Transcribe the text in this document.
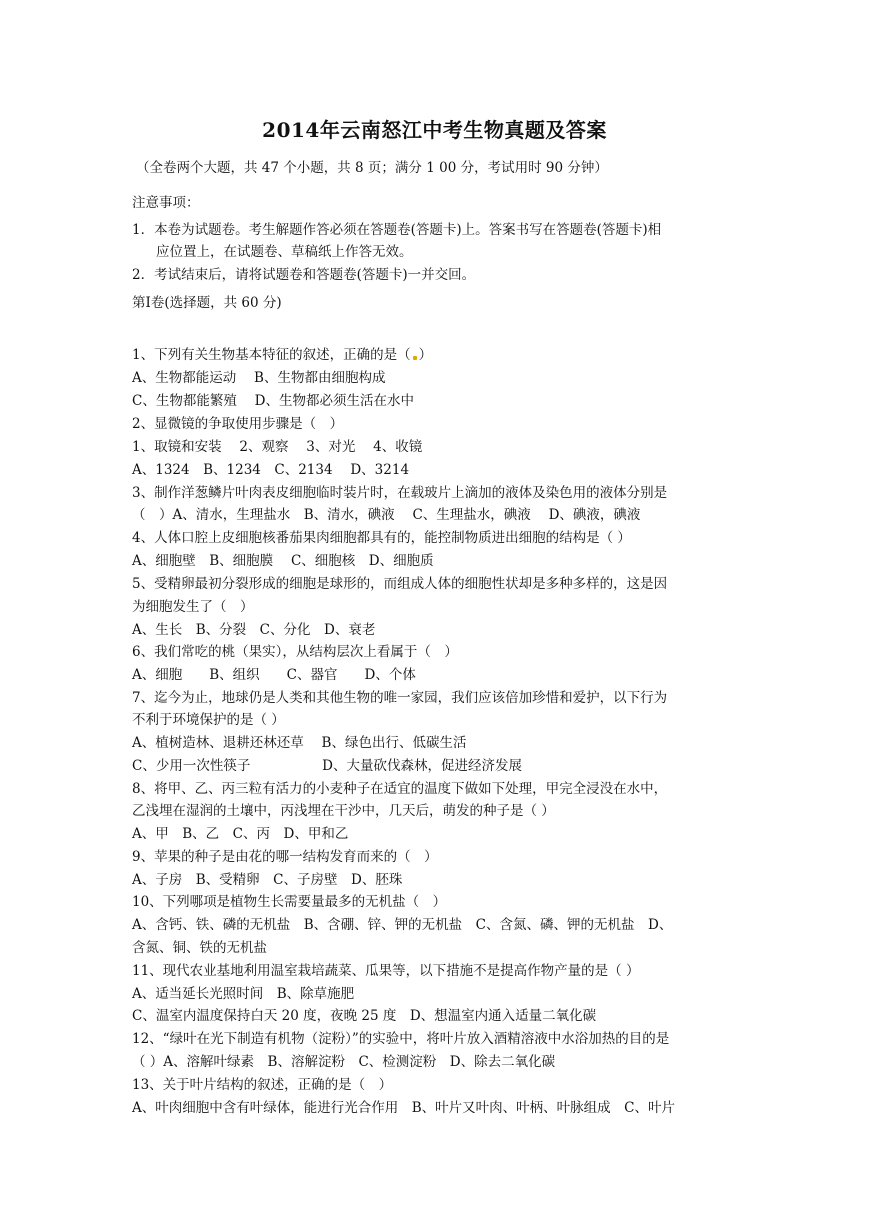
2014年云南怒江中考生物真题及答案
（全卷两个大题，共 47 个小题，共 8 页；满分 1 00 分，考试用时 90 分钟）
注意事项：
1．本卷为试题卷。考生解题作答必须在答题卷(答题卡)上。答案书写在答题卷(答题卡)相
应位置上，在试题卷、草稿纸上作答无效。
2．考试结束后，请将试题卷和答题卷(答题卡)一并交回。
第Ⅰ卷(选择题，共 60 分)
1、下列有关生物基本特征的叙述，正确的是（ ）
A、生物都能运动　 B、生物都由细胞构成
C、生物都能繁殖　 D、生物都必须生活在水中
2、显微镜的争取使用步骤是（　）
1、取镜和安装　 2、观察　 3、对光　 4、收镜
A、1324　B、1234　C、2134　 D、3214
3、制作洋葱鳞片叶肉表皮细胞临时装片时，在载玻片上滴加的液体及染色用的液体分别是
（　）A、清水，生理盐水　B、清水，碘液　 C、生理盐水，碘液　 D、碘液，碘液
4、人体口腔上皮细胞核番茄果肉细胞都具有的，能控制物质进出细胞的结构是（ ）
A、细胞壁　B、细胞膜　 C、细胞核　D、细胞质
5、受精卵最初分裂形成的细胞是球形的，而组成人体的细胞性状却是多种多样的，这是因
为细胞发生了（　）
A、生长　B、分裂　C、分化　D、衰老
6、我们常吃的桃（果实），从结构层次上看属于（　）
A、细胞　　B、组织　　C、器官　　D、个体
7、迄今为止，地球仍是人类和其他生物的唯一家园，我们应该倍加珍惜和爱护，以下行为
不利于环境保护的是（ ）
A、植树造林、退耕还林还草　 B、绿色出行、低碳生活
C、少用一次性筷子　　　　　 D、大量砍伐森林，促进经济发展
8、将甲、乙、丙三粒有活力的小麦种子在适宜的温度下做如下处理，甲完全浸没在水中，
乙浅埋在湿润的土壤中，丙浅埋在干沙中，几天后，萌发的种子是（ ）
A、甲　B、乙　C、丙　D、甲和乙
9、苹果的种子是由花的哪一结构发育而来的（　）
A、子房　B、受精卵　C、子房壁　D、胚珠
10、下列哪项是植物生长需要量最多的无机盐（　）
A、含钙、铁、磷的无机盐　B、含硼、锌、钾的无机盐　C、含氮、磷、钾的无机盐　D、
含氮、铜、铁的无机盐
11、现代农业基地利用温室栽培蔬菜、瓜果等，以下措施不是提高作物产量的是（ ）
A、适当延长光照时间　B、除草施肥
C、温室内温度保持白天 20 度，夜晚 25 度　D、想温室内通入适量二氧化碳
12、“绿叶在光下制造有机物（淀粉）”的实验中，将叶片放入酒精溶液中水浴加热的目的是
（ ）A、溶解叶绿素　B、溶解淀粉　C、检测淀粉　D、除去二氧化碳
13、关于叶片结构的叙述，正确的是（　）
A、叶肉细胞中含有叶绿体，能进行光合作用　B、叶片又叶肉、叶柄、叶脉组成　C、叶片
